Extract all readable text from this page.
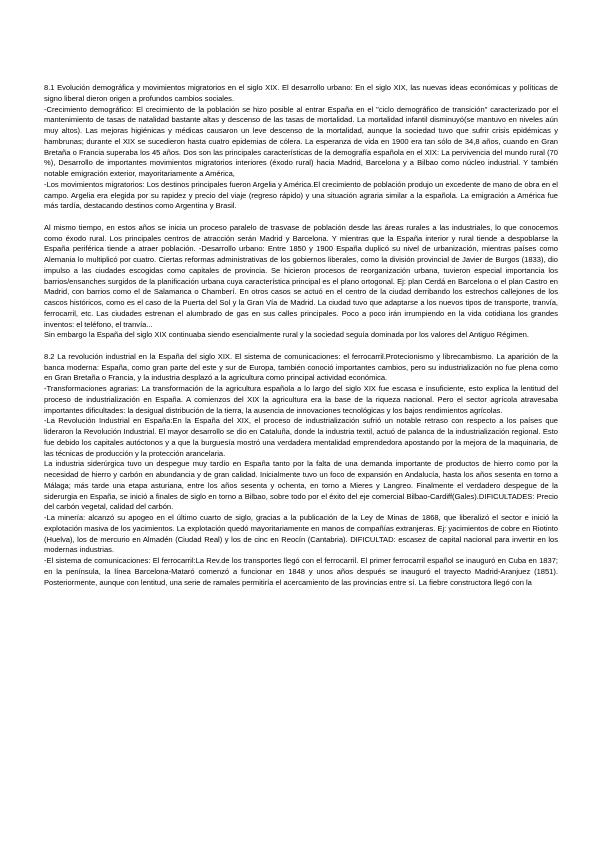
8.1 Evolución demográfica y movimientos migratorios en el siglo XIX. El desarrollo urbano: En el siglo XIX, las nuevas ideas económicas y políticas de signo liberal dieron origen a profundos cambios sociales.

-Crecimiento demográfico: El crecimiento de la población se hizo posible al entrar España en el "ciclo demográfico de transición" caracterizado por el mantenimiento de tasas de natalidad bastante altas y descenso de las tasas de mortalidad. La mortalidad infantil disminuyó(se mantuvo en niveles aún muy altos). Las mejoras higiénicas y médicas causaron un leve descenso de la mortalidad, aunque la sociedad tuvo que sufrir crisis epidémicas y hambrunas; durante el XIX se sucedieron hasta cuatro epidemias de cólera. La esperanza de vida en 1900 era tan sólo de 34,8 años, cuando en Gran Bretaña o Francia superaba los 45 años. Dos son las principales características de la demografía española en el XIX: La pervivencia del mundo rural (70 %), Desarrollo de importantes movimientos migratorios interiores (éxodo rural) hacia Madrid, Barcelona y a Bilbao como núcleo industrial. Y también notable emigración exterior, mayoritariamente a América,

-Los movimientos migratorios: Los destinos principales fueron Argelia y América.El crecimiento de población produjo un excedente de mano de obra en el campo. Argelia era elegida por su rapidez y precio del viaje (regreso rápido) y una situación agraria similar a la española. La emigración a América fue más tardía, destacando destinos como Argentina y Brasil.

Al mismo tiempo, en estos años se inicia un proceso paralelo de trasvase de población desde las áreas rurales a las industriales, lo que conocemos como éxodo rural. Los principales centros de atracción serán Madrid y Barcelona. Y mientras que la España interior y rural tiende a despoblarse la España periférica tiende a atraer población. -Desarrollo urbano: Entre 1850 y 1900 España duplicó su nivel de urbanización, mientras países como Alemania lo multiplicó por cuatro. Ciertas reformas administrativas de los gobiernos liberales, como la división provincial de Javier de Burgos (1833), dio impulso a las ciudades escogidas como capitales de provincia. Se hicieron procesos de reorganización urbana, tuvieron especial importancia los barrios/ensanches surgidos de la planificación urbana cuya característica principal es el plano ortogonal. Ej: plan Cerdá en Barcelona o el plan Castro en Madrid, con barrios como el de Salamanca o Chamberí. En otros casos se actuó en el centro de la ciudad derribando los estrechos callejones de los cascos históricos, como es el caso de la Puerta del Sol y la Gran Vía de Madrid. La ciudad tuvo que adaptarse a los nuevos tipos de transporte, tranvía, ferrocarril, etc. Las ciudades estrenan el alumbrado de gas en sus calles principales. Poco a poco irán irrumpiendo en la vida cotidiana los grandes inventos: el teléfono, el tranvía...

Sin embargo la España del siglo XIX continuaba siendo esencialmente rural y la sociedad seguía dominada por los valores del Antiguo Régimen.

8.2 La revolución industrial en la España del siglo XIX. El sistema de comunicaciones: el ferrocarril.Protecionismo y librecambismo. La aparición de la banca moderna: España, como gran parte del este y sur de Europa, también conoció importantes cambios, pero su industrialización no fue plena como en Gran Bretaña o Francia, y la industria desplazó a la agricultura como principal actividad económica.

-Transformaciones agrarias: La transformación de la agricultura española a lo largo del siglo XIX fue escasa e insuficiente, esto explica la lentitud del proceso de industrialización en España. A comienzos del XIX la agricultura era la base de la riqueza nacional. Pero el sector agrícola atravesaba importantes dificultades: la desigual distribución de la tierra, la ausencia de innovaciones tecnológicas y los bajos rendimientos agrícolas.

-La Revolución Industrial en España:En la España del XIX, el proceso de industrialización sufrió un notable retraso con respecto a los países que lideraron la Revolución Industrial. El mayor desarrollo se dio en Cataluña, donde la industria textil, actuó de palanca de la industrialización regional. Esto fue debido los capitales autóctonos y a que la burguesía mostró una verdadera mentalidad emprendedora apostando por la mejora de la maquinaria, de las técnicas de producción y la protección arancelaria.

La industria siderúrgica tuvo un despegue muy tardío en España tanto por la falta de una demanda importante de productos de hierro como por la necesidad de hierro y carbón en abundancia y de gran calidad. Inicialmente tuvo un foco de expansión en Andalucía, hasta los años sesenta en torno a Málaga; más tarde una etapa asturiana, entre los años sesenta y ochenta, en torno a Mieres y Langreo. Finalmente el verdadero despegue de la siderurgia en España, se inició a finales de siglo en torno a Bilbao, sobre todo por el éxito del eje comercial Bilbao-Cardiff(Gales).DIFICULTADES: Precio del carbón vegetal, calidad del carbón.

-La minería: alcanzó su apogeo en el último cuarto de siglo, gracias a la publicación de la Ley de Minas de 1868, que liberalizó el sector e inició la explotación masiva de los yacimientos. La explotación quedó mayoritariamente en manos de compañías extranjeras. Ej: yacimientos de cobre en Riotinto (Huelva), los de mercurio en Almadén (Ciudad Real) y los de cinc en Reocín (Cantabria). DIFICULTAD: escasez de capital nacional para invertir en los modernas industrias.

-El sistema de comunicaciones: El ferrocarril:La Rev.de los transportes llegó con el ferrocarril. El primer ferrocarril español se inauguró en Cuba en 1837; en la península, la línea Barcelona-Mataró comenzó a funcionar en 1848 y unos años después se inauguró el trayecto Madrid-Aranjuez (1851). Posteriormente, aunque con lentitud, una serie de ramales permitiría el acercamiento de las provincias entre sí. La fiebre constructora llegó con la
